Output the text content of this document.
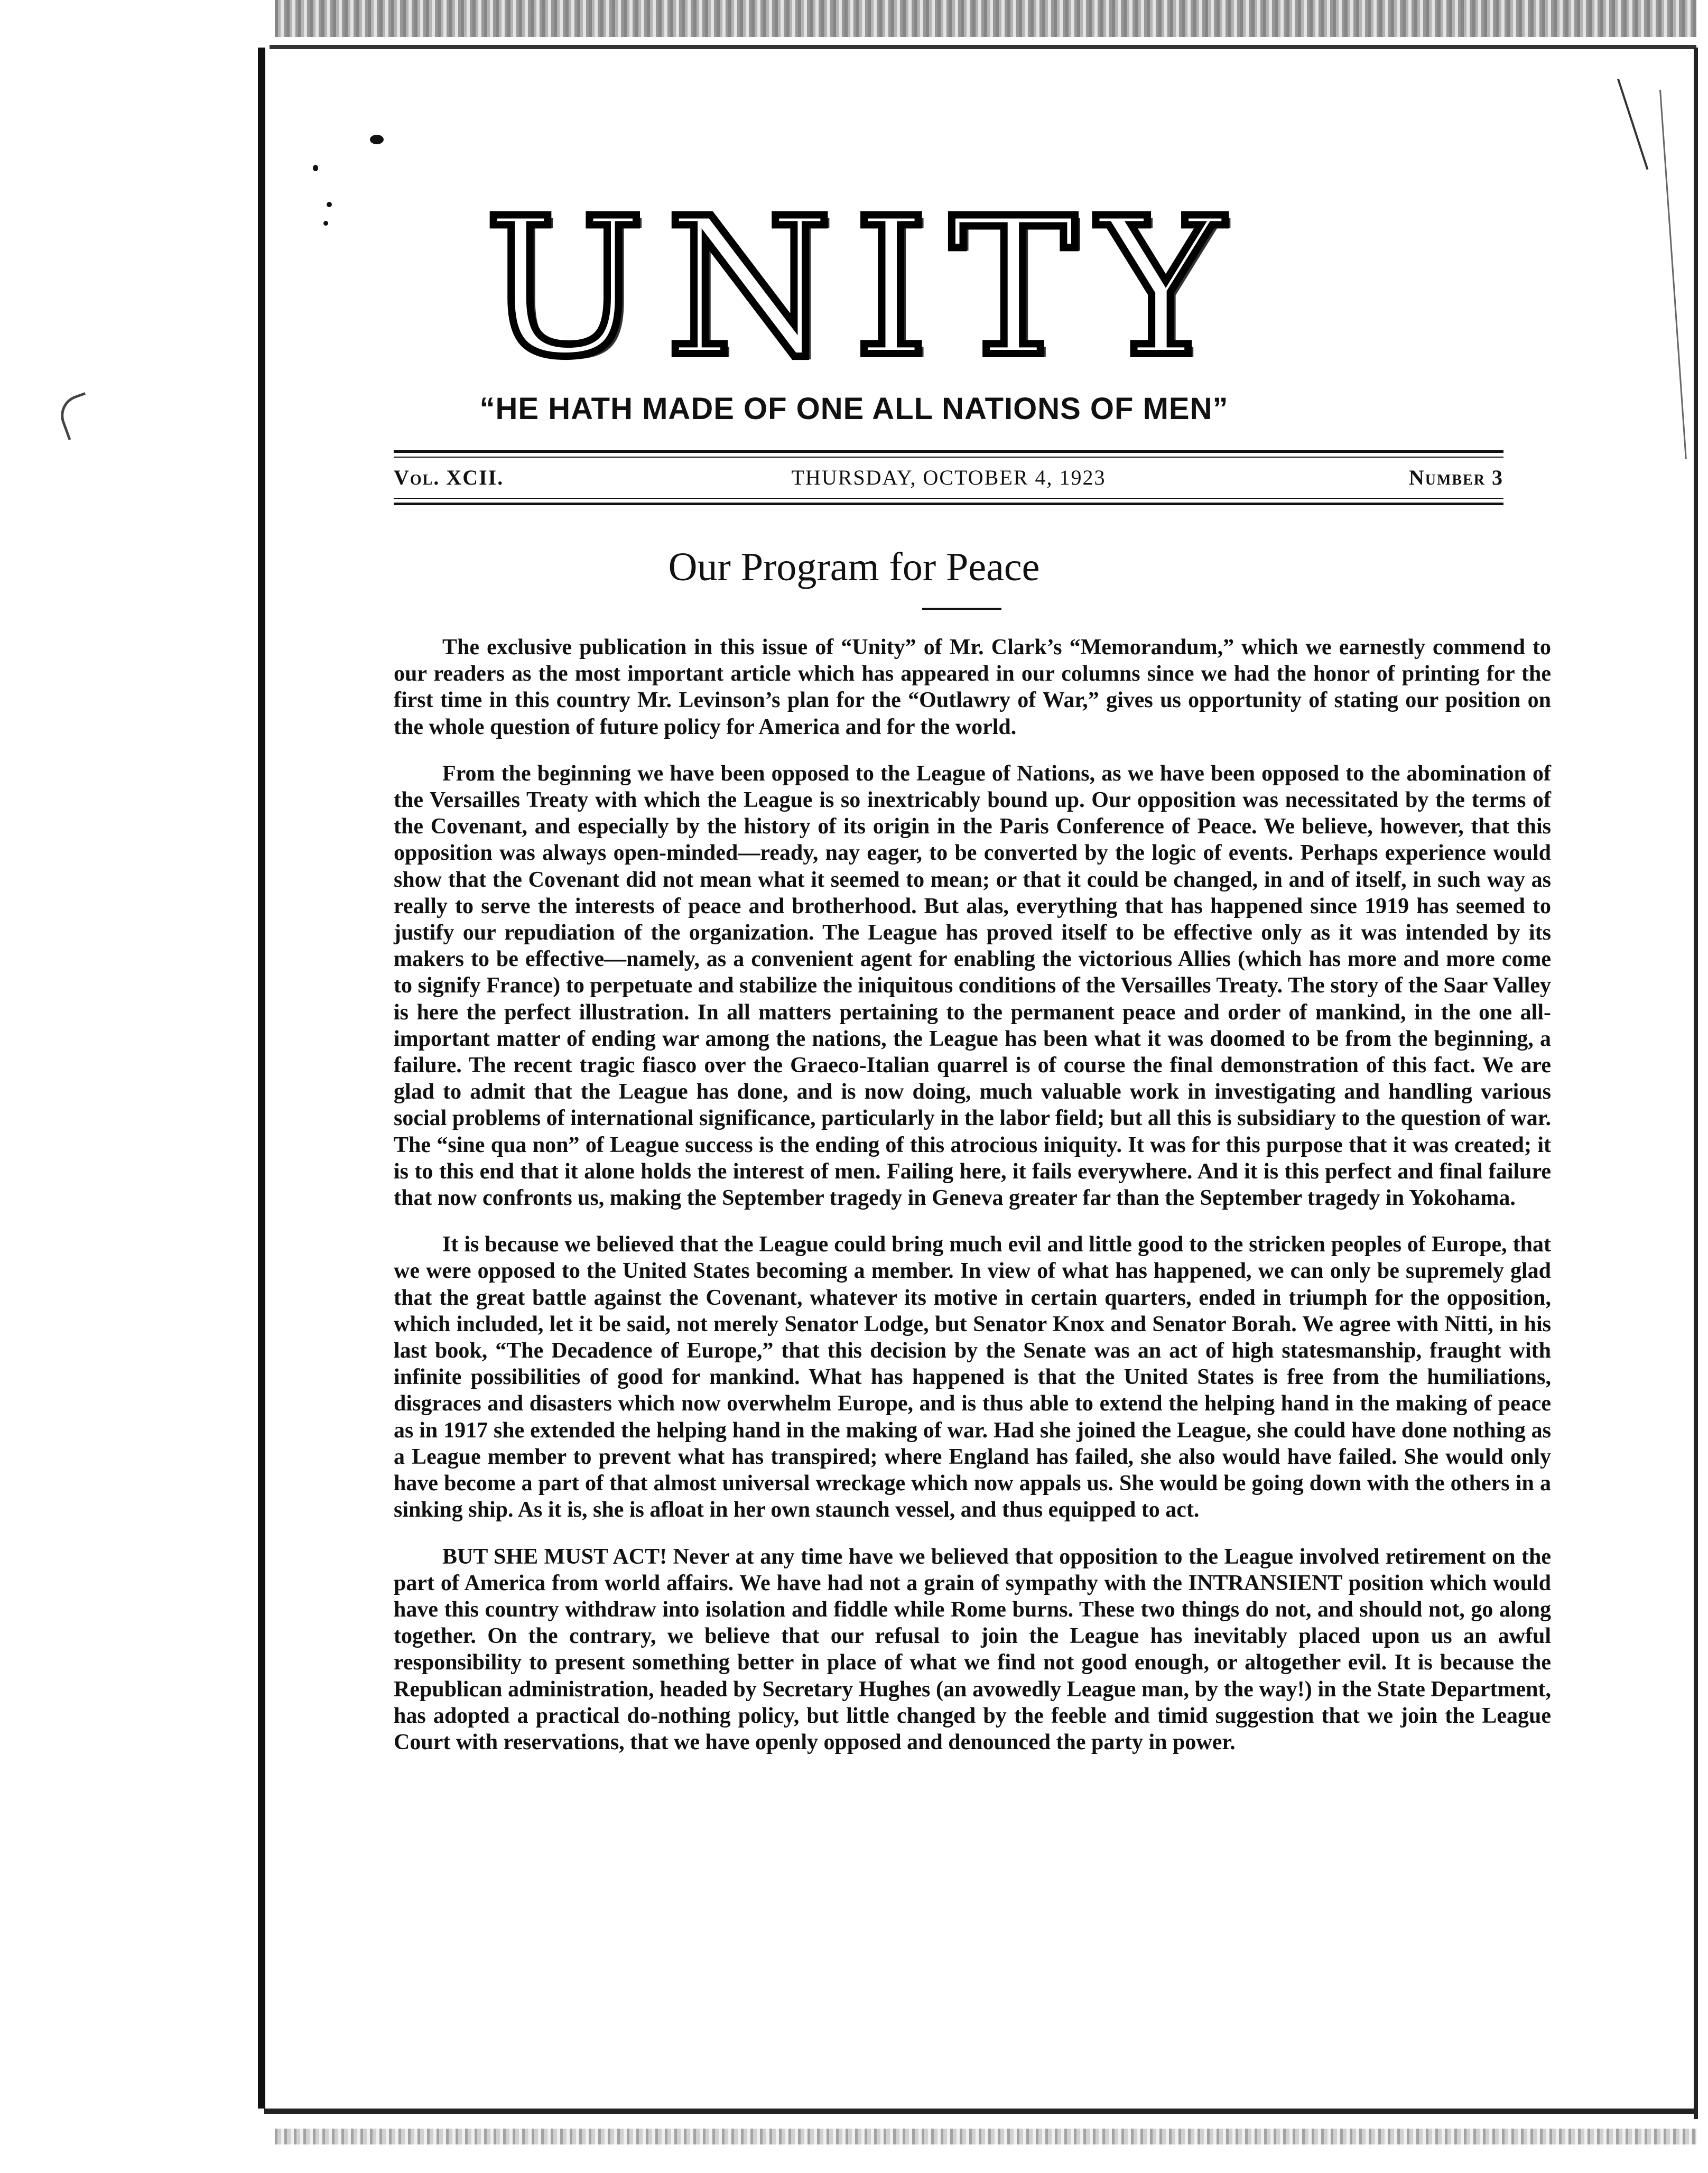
UNITY
“HE HATH MADE OF ONE ALL NATIONS OF MEN”
Vol. XCII.	THURSDAY, OCTOBER 4, 1923	Number 3
Our Program for Peace

The exclusive publication in this issue of “Unity” of Mr. Clark’s “Memorandum,” which we earnestly commend to our readers as the most important article which has appeared in our columns since we had the honor of printing for the first time in this country Mr. Levinson’s plan for the “Outlawry of War,” gives us opportunity of stating our position on the whole question of future policy for America and for the world.

From the beginning we have been opposed to the League of Nations, as we have been opposed to the abomination of the Versailles Treaty with which the League is so inextricably bound up. Our opposition was necessitated by the terms of the Covenant, and especially by the history of its origin in the Paris Conference of Peace. We believe, however, that this opposition was always open-minded—ready, nay eager, to be converted by the logic of events. Perhaps experience would show that the Covenant did not mean what it seemed to mean; or that it could be changed, in and of itself, in such way as really to serve the interests of peace and brotherhood. But alas, everything that has happened since 1919 has seemed to justify our repudiation of the organization. The League has proved itself to be effective only as it was intended by its makers to be effective—namely, as a convenient agent for enabling the victorious Allies (which has more and more come to signify France) to perpetuate and stabilize the iniquitous conditions of the Versailles Treaty. The story of the Saar Valley is here the perfect illustration. In all matters pertaining to the permanent peace and order of mankind, in the one all-important matter of ending war among the nations, the League has been what it was doomed to be from the beginning, a failure. The recent tragic fiasco over the Graeco-Italian quarrel is of course the final demonstration of this fact. We are glad to admit that the League has done, and is now doing, much valuable work in investigating and handling various social problems of international significance, particularly in the labor field; but all this is subsidiary to the question of war. The “sine qua non” of League success is the ending of this atrocious iniquity. It was for this purpose that it was created; it is to this end that it alone holds the interest of men. Failing here, it fails everywhere. And it is this perfect and final failure that now confronts us, making the September tragedy in Geneva greater far than the September tragedy in Yokohama.

It is because we believed that the League could bring much evil and little good to the stricken peoples of Europe, that we were opposed to the United States becoming a member. In view of what has happened, we can only be supremely glad that the great battle against the Covenant, whatever its motive in certain quarters, ended in triumph for the opposition, which included, let it be said, not merely Senator Lodge, but Senator Knox and Senator Borah. We agree with Nitti, in his last book, “The Decadence of Europe,” that this decision by the Senate was an act of high statesmanship, fraught with infinite possibilities of good for mankind. What has happened is that the United States is free from the humiliations, disgraces and disasters which now overwhelm Europe, and is thus able to extend the helping hand in the making of peace as in 1917 she extended the helping hand in the making of war. Had she joined the League, she could have done nothing as a League member to prevent what has transpired; where England has failed, she also would have failed. She would only have become a part of that almost universal wreckage which now appals us. She would be going down with the others in a sinking ship. As it is, she is afloat in her own staunch vessel, and thus equipped to act.

BUT SHE MUST ACT! Never at any time have we believed that opposition to the League involved retirement on the part of America from world affairs. We have had not a grain of sympathy with the INTRANSIENT position which would have this country withdraw into isolation and fiddle while Rome burns. These two things do not, and should not, go along together. On the contrary, we believe that our refusal to join the League has inevitably placed upon us an awful responsibility to present something better in place of what we find not good enough, or altogether evil. It is because the Republican administration, headed by Secretary Hughes (an avowedly League man, by the way!) in the State Department, has adopted a practical do-nothing policy, but little changed by the feeble and timid suggestion that we join the League Court with reservations, that we have openly opposed and denounced the party in power.
